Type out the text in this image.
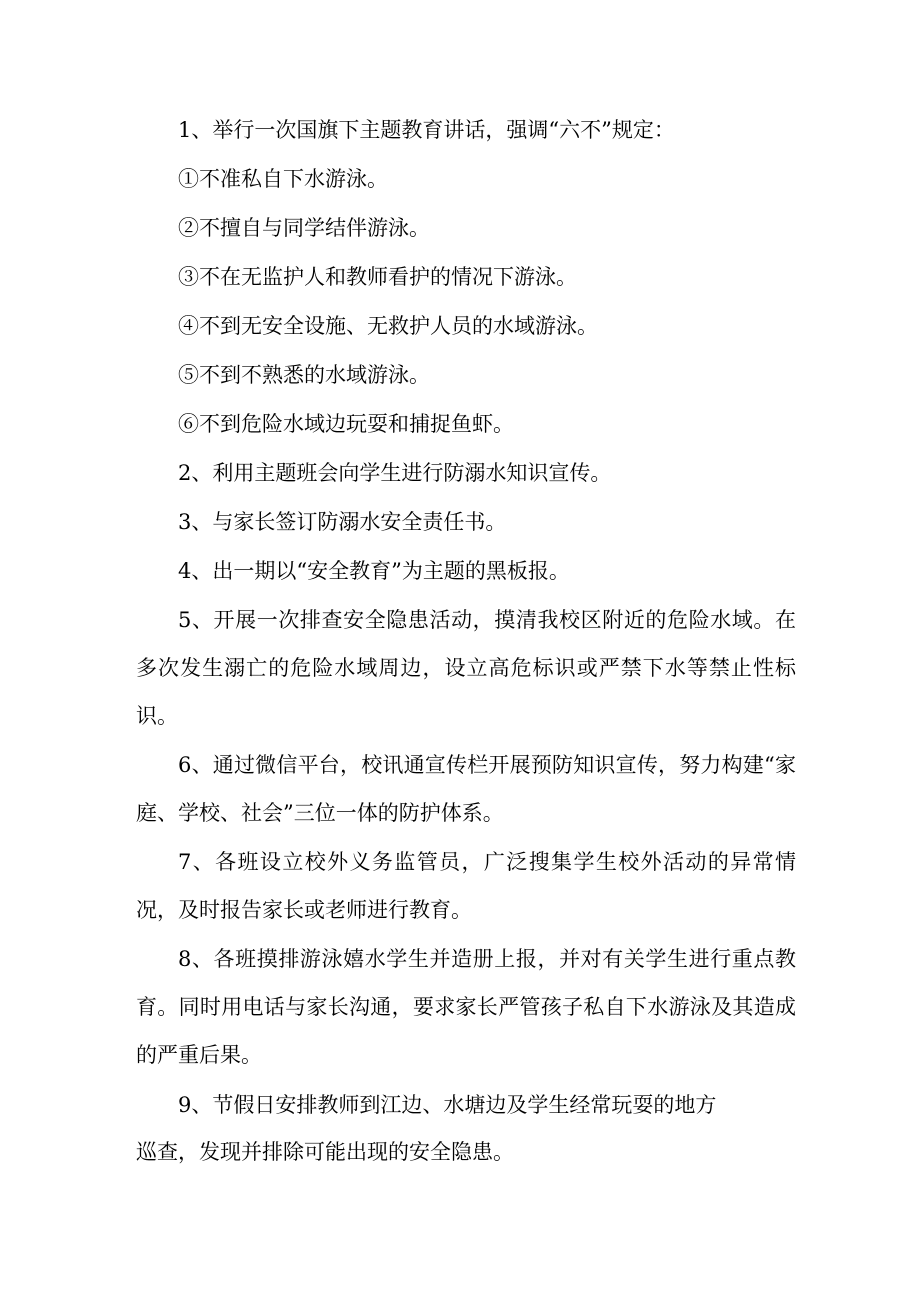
1、举行一次国旗下主题教育讲话，强调“六不”规定：

①不准私自下水游泳。

②不擅自与同学结伴游泳。

③不在无监护人和教师看护的情况下游泳。

④不到无安全设施、无救护人员的水域游泳。

⑤不到不熟悉的水域游泳。

⑥不到危险水域边玩耍和捕捉鱼虾。

2、利用主题班会向学生进行防溺水知识宣传。

3、与家长签订防溺水安全责任书。

4、出一期以“安全教育”为主题的黑板报。

5、开展一次排查安全隐患活动，摸清我校区附近的危险水域。在多次发生溺亡的危险水域周边，设立高危标识或严禁下水等禁止性标识。

6、通过微信平台，校讯通宣传栏开展预防知识宣传，努力构建“家庭、学校、社会”三位一体的防护体系。

7、各班设立校外义务监管员，广泛搜集学生校外活动的异常情况，及时报告家长或老师进行教育。

8、各班摸排游泳嬉水学生并造册上报，并对有关学生进行重点教育。同时用电话与家长沟通，要求家长严管孩子私自下水游泳及其造成的严重后果。

9、节假日安排教师到江边、水塘边及学生经常玩耍的地方

巡查，发现并排除可能出现的安全隐患。
